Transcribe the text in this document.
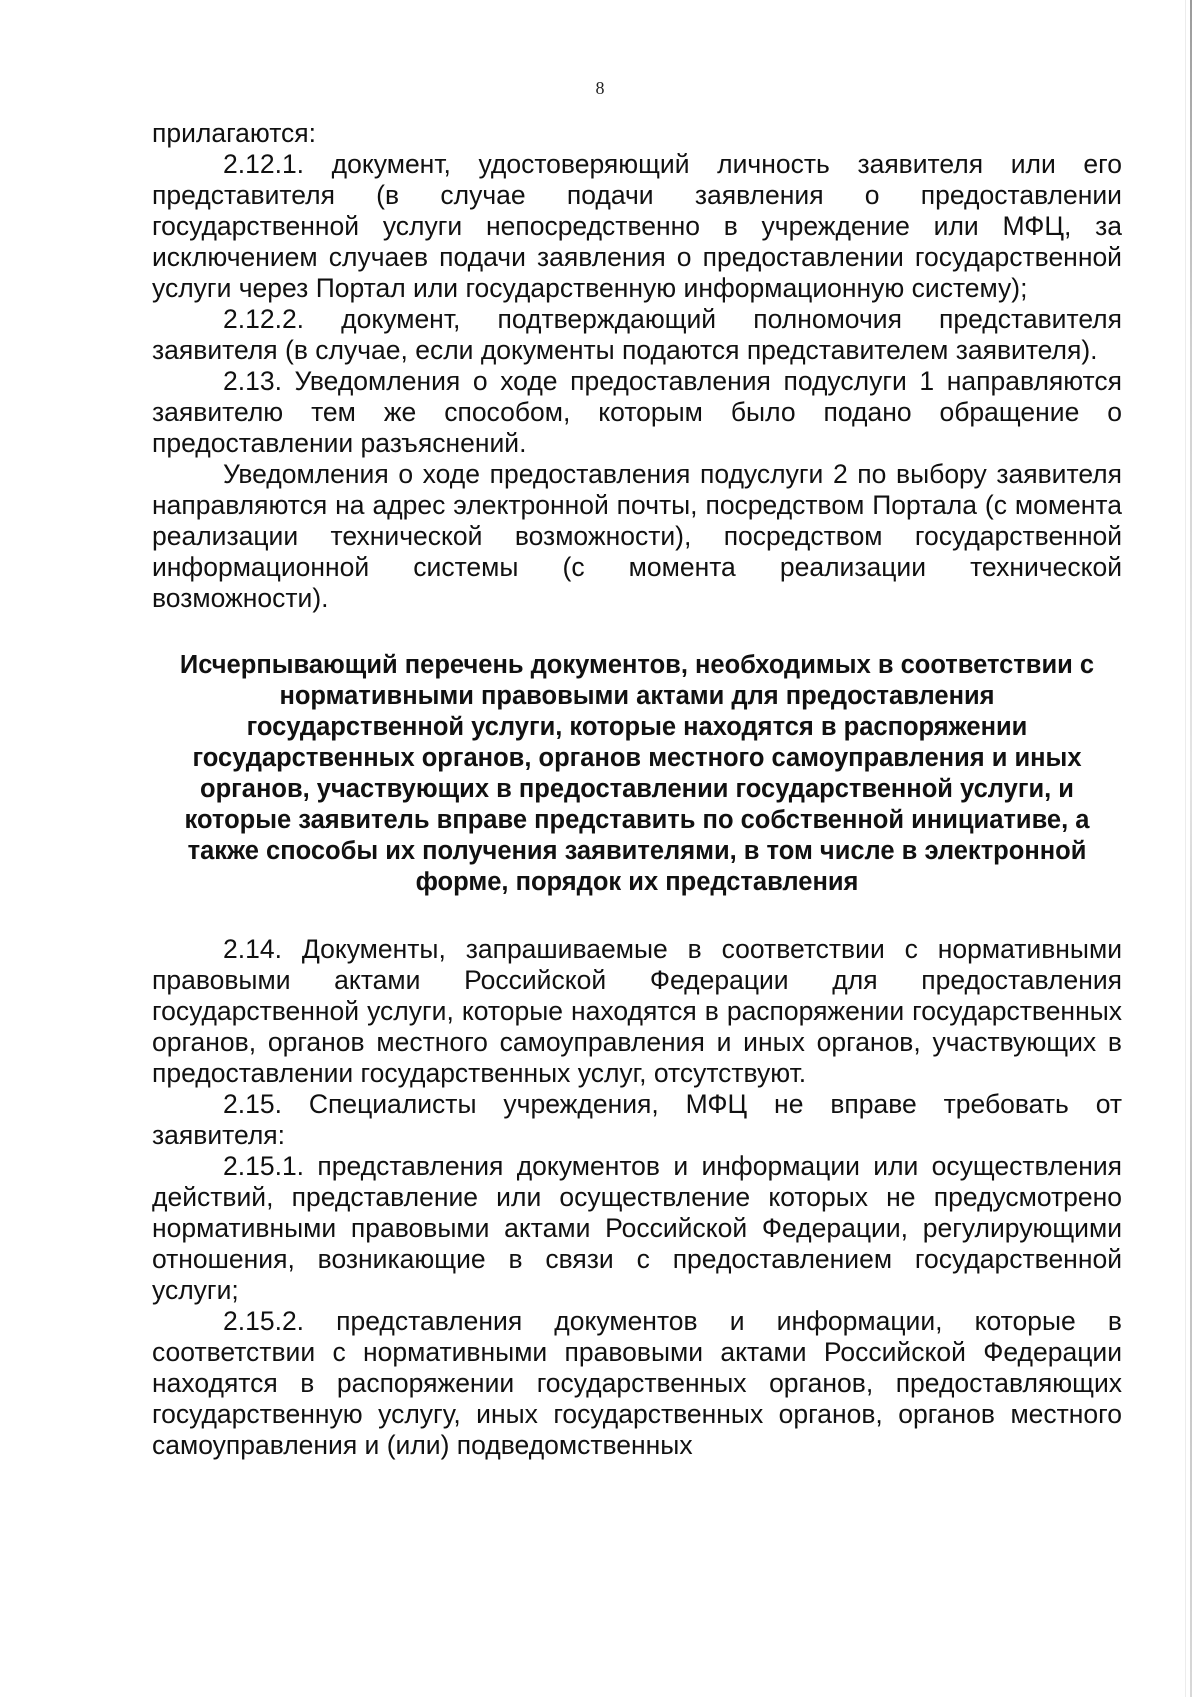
8

прилагаются:

2.12.1. документ, удостоверяющий личность заявителя или его представителя (в случае подачи заявления о предоставлении государственной услуги непосредственно в учреждение или МФЦ, за исключением случаев подачи заявления о предоставлении государственной услуги через Портал или государственную информационную систему);

2.12.2. документ, подтверждающий полномочия представителя заявителя (в случае, если документы подаются представителем заявителя).

2.13. Уведомления о ходе предоставления подуслуги 1 направляются заявителю тем же способом, которым было подано обращение о предоставлении разъяснений.

Уведомления о ходе предоставления подуслуги 2 по выбору заявителя направляются на адрес электронной почты, посредством Портала (с момента реализации технической возможности), посредством государственной информационной системы (с момента реализации технической возможности).

Исчерпывающий перечень документов, необходимых в соответствии с нормативными правовыми актами для предоставления государственной услуги, которые находятся в распоряжении государственных органов, органов местного самоуправления и иных органов, участвующих в предоставлении государственной услуги, и которые заявитель вправе представить по собственной инициативе, а также способы их получения заявителями, в том числе в электронной форме, порядок их представления

2.14. Документы, запрашиваемые в соответствии с нормативными правовыми актами Российской Федерации для предоставления государственной услуги, которые находятся в распоряжении государственных органов, органов местного самоуправления и иных органов, участвующих в предоставлении государственных услуг, отсутствуют.

2.15. Специалисты учреждения, МФЦ не вправе требовать от заявителя:

2.15.1. представления документов и информации или осуществления действий, представление или осуществление которых не предусмотрено нормативными правовыми актами Российской Федерации, регулирующими отношения, возникающие в связи с предоставлением государственной услуги;

2.15.2. представления документов и информации, которые в соответствии с нормативными правовыми актами Российской Федерации находятся в распоряжении государственных органов, предоставляющих государственную услугу, иных государственных органов, органов местного самоуправления и (или) подведомственных
